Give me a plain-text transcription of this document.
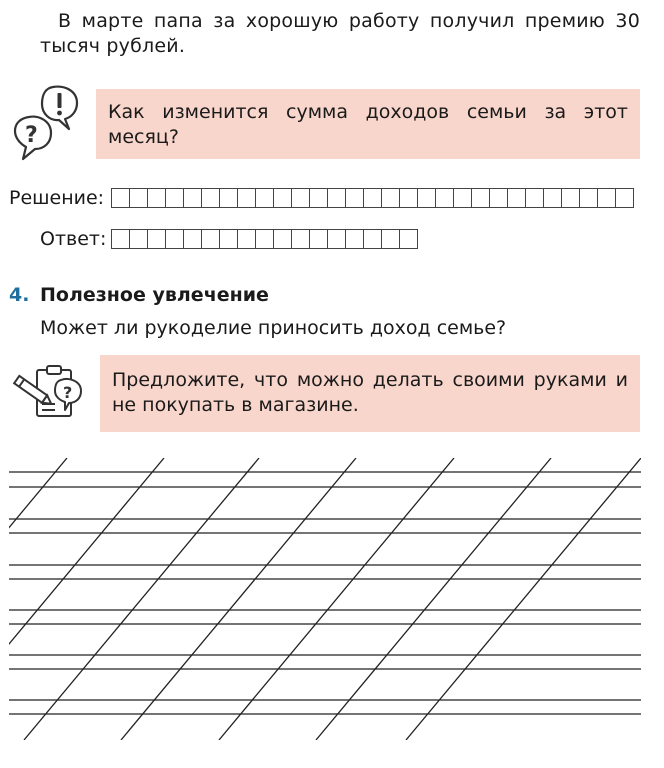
В марте папа за хорошую работу получил премию 30 тысяч рублей.
?
Как изменится сумма доходов семьи за этот месяц?
Решение:
Ответ:
4. Полезное увлечение
Может ли рукоделие приносить доход семье?
?
Предложите, что можно делать своими руками и не покупать в магазине.
